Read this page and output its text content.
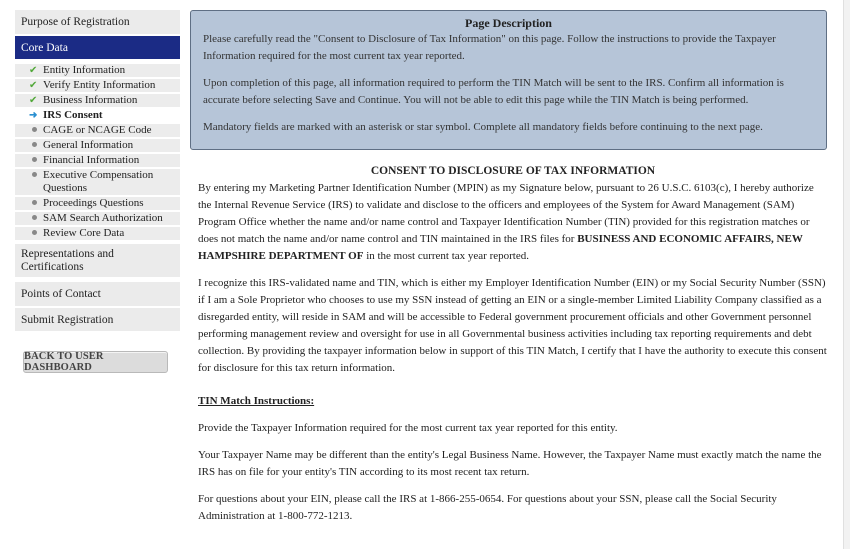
Purpose of Registration
Core Data
✔ Entity Information
✔ Verify Entity Information
✔ Business Information
➜ IRS Consent
CAGE or NCAGE Code
General Information
Financial Information
Executive Compensation Questions
Proceedings Questions
SAM Search Authorization
Review Core Data
Representations and Certifications
Points of Contact
Submit Registration
BACK TO USER DASHBOARD
Page Description

Please carefully read the "Consent to Disclosure of Tax Information" on this page. Follow the instructions to provide the Taxpayer Information required for the most current tax year reported.

Upon completion of this page, all information required to perform the TIN Match will be sent to the IRS. Confirm all information is accurate before selecting Save and Continue. You will not be able to edit this page while the TIN Match is being performed.

Mandatory fields are marked with an asterisk or star symbol. Complete all mandatory fields before continuing to the next page.

CONSENT TO DISCLOSURE OF TAX INFORMATION

By entering my Marketing Partner Identification Number (MPIN) as my Signature below, pursuant to 26 U.S.C. 6103(c), I hereby authorize the Internal Revenue Service (IRS) to validate and disclose to the officers and employees of the System for Award Management (SAM) Program Office whether the name and/or name control and Taxpayer Identification Number (TIN) provided for this registration matches or does not match the name and/or name control and TIN maintained in the IRS files for BUSINESS AND ECONOMIC AFFAIRS, NEW HAMPSHIRE DEPARTMENT OF in the most current tax year reported.

I recognize this IRS-validated name and TIN, which is either my Employer Identification Number (EIN) or my Social Security Number (SSN) if I am a Sole Proprietor who chooses to use my SSN instead of getting an EIN or a single-member Limited Liability Company classified as a disregarded entity, will reside in SAM and will be accessible to Federal government procurement officials and other Government personnel performing management review and oversight for use in all Governmental business activities including tax reporting requirements and debt collection. By providing the taxpayer information below in support of this TIN Match, I certify that I have the authority to execute this consent for disclosure for this tax return information.

TIN Match Instructions:

Provide the Taxpayer Information required for the most current tax year reported for this entity.

Your Taxpayer Name may be different than the entity's Legal Business Name. However, the Taxpayer Name must exactly match the name the IRS has on file for your entity's TIN according to its most recent tax return.

For questions about your EIN, please call the IRS at 1-866-255-0654. For questions about your SSN, please call the Social Security Administration at 1-800-772-1213.
